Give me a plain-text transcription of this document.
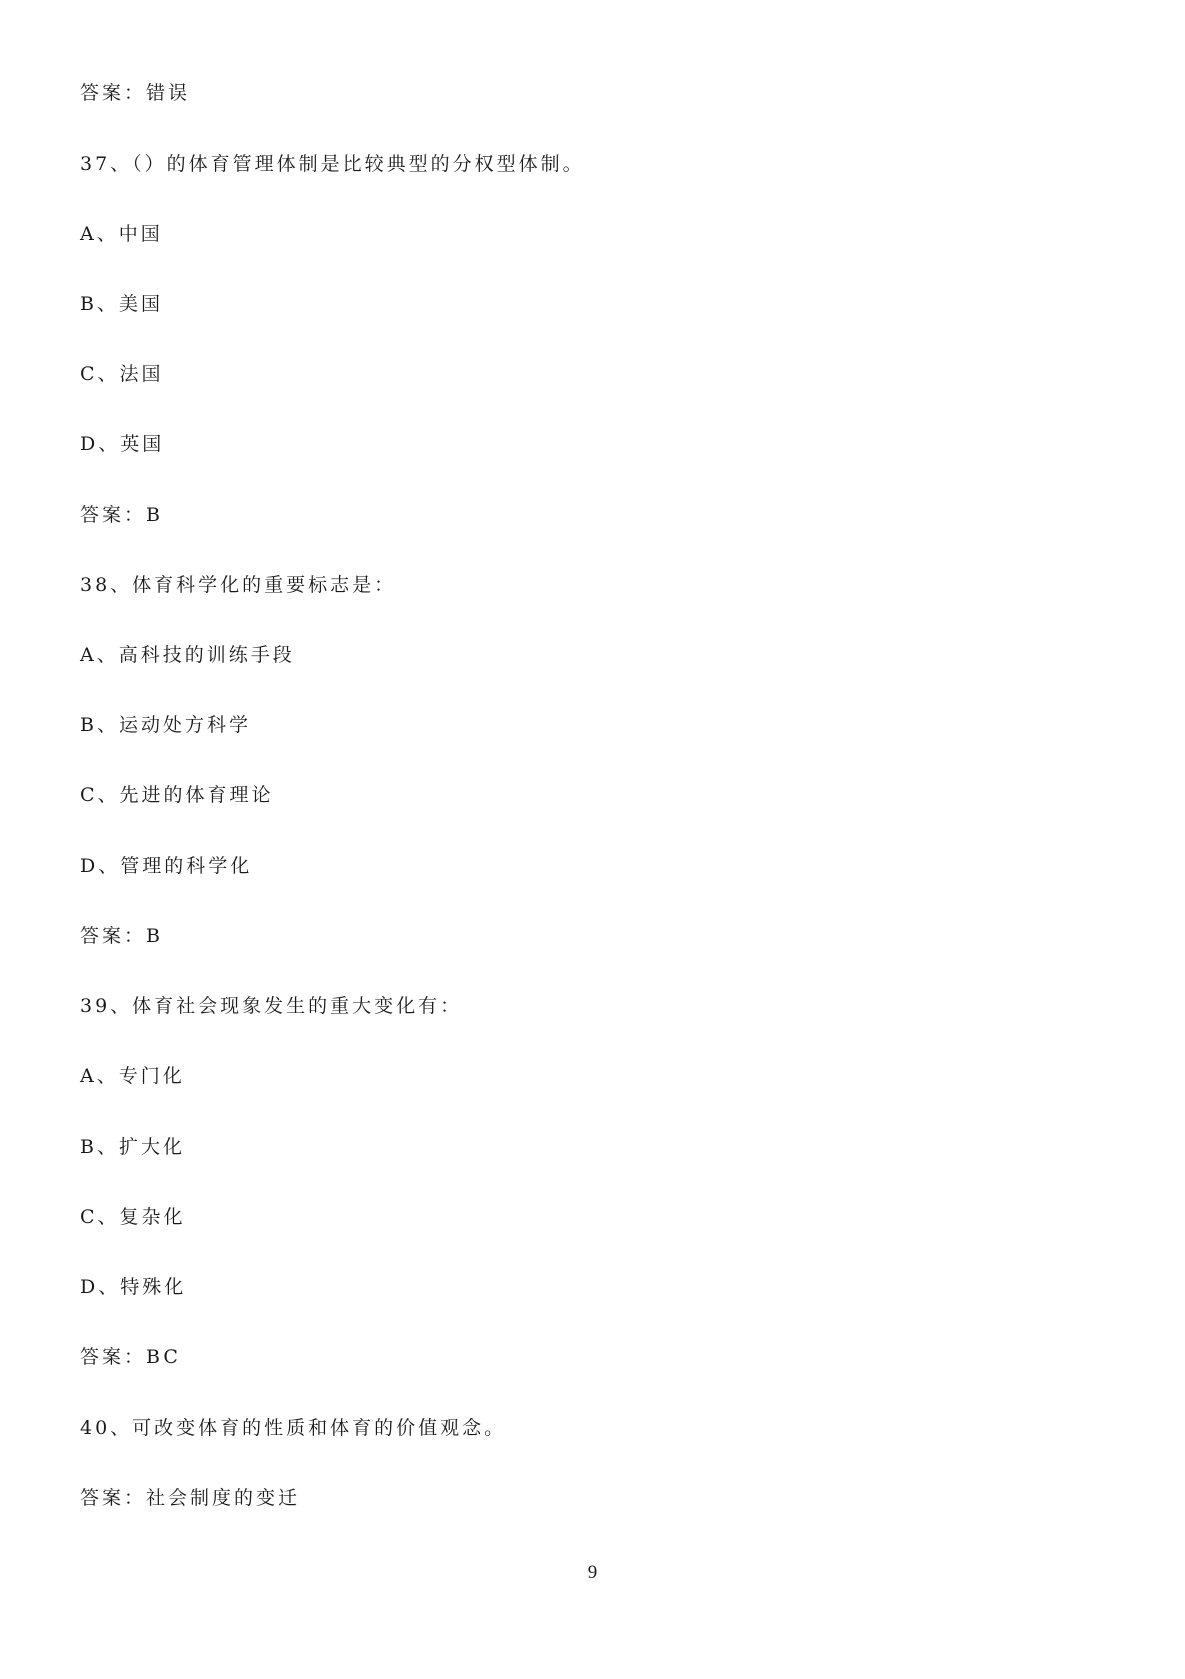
答案：错误
37、（）的体育管理体制是比较典型的分权型体制。
A、中国
B、美国
C、法国
D、英国
答案：B
38、体育科学化的重要标志是：
A、高科技的训练手段
B、运动处方科学
C、先进的体育理论
D、管理的科学化
答案：B
39、体育社会现象发生的重大变化有：
A、专门化
B、扩大化
C、复杂化
D、特殊化
答案：BC
40、可改变体育的性质和体育的价值观念。
答案：社会制度的变迁
9
